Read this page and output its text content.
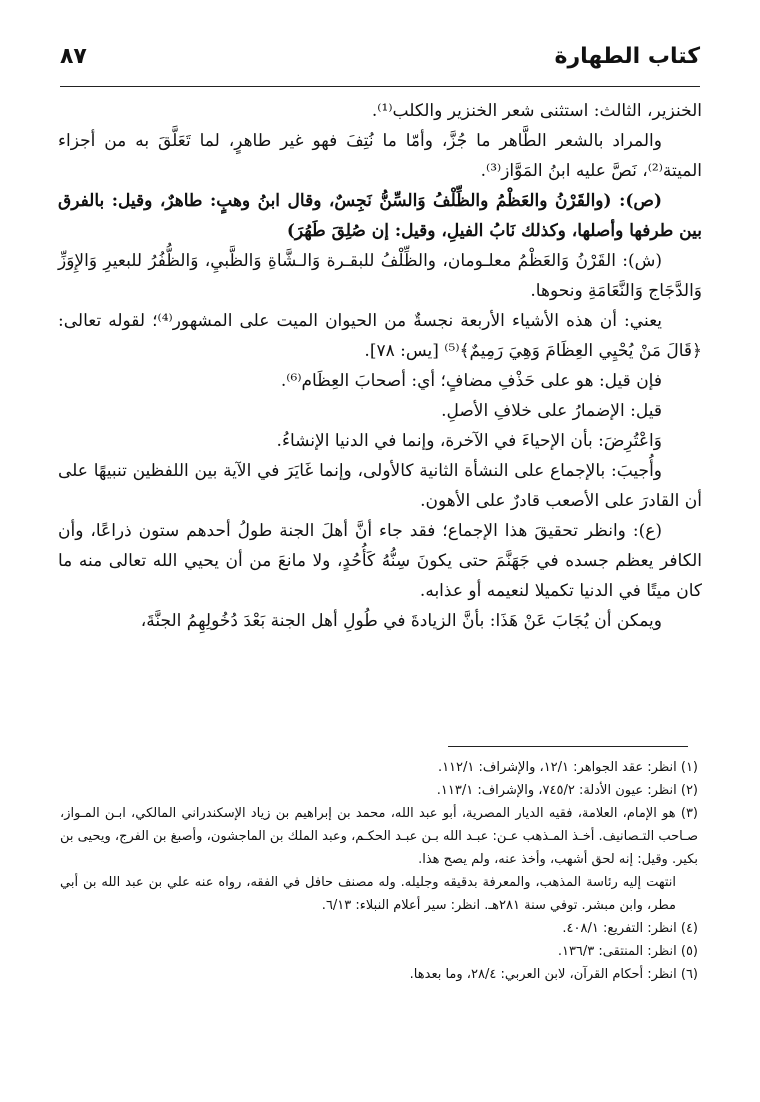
كتاب الطهارة
٨٧

الخنزير، الثالث: استثنى شعر الخنزير والكلب⁽¹⁾.

والمراد بالشعر الطَّاهر ما جُزَّ، وأمّا ما نُتِفَ فهو غير طاهرٍ، لما تَعَلَّقَ به من أجزاء الميتة⁽²⁾، نَصَّ عليه ابنُ المَوَّاز⁽³⁾.

(ص): (والقَرْنُ والعَظْمُ والظِّلْفُ وَالسِّنُّ نَجِسٌ، وقال ابنُ وهبٍ: طاهرٌ، وقيل: بالفرق بين طرفها وأصلها، وكذلك نَابُ الفيلِ، وقيل: إن صُلِقَ طَهُرَ)

(ش): القَرْنُ وَالعَظْمُ معلـومان، والظِّلْفُ للبقـرة وَالـشَّاةِ وَالظَّبيِ، وَالظُّفُرُ للبعيرِ وَالإِوَزِّ وَالدَّجَاج وَالنَّعَامَةِ ونحوها.

يعني: أن هذه الأشياء الأربعة نجسةٌ من الحيوان الميت على المشهور⁽⁴⁾؛ لقوله تعالى: ﴿قَالَ مَنْ يُحْيِي العِظَامَ وَهِيَ رَمِيمٌ﴾⁽⁵⁾ [يس: ٧٨].

فإن قيل: هو على حَذْفِ مضافٍ؛ أي: أصحابَ العِظَام⁽⁶⁾.

قيل: الإضمارُ على خلافِ الأصلِ.

وَاعْتُرِضَ: بأن الإحياءَ في الآخرة، وإنما في الدنيا الإنشاءُ.

وأُجيبَ: بالإجماع على النشأة الثانية كالأولى، وإنما غَايَرَ في الآية بين اللفظين تنبيهًا على أن القادرَ على الأصعب قادرٌ على الأهون.

(ع): وانظر تحقيقَ هذا الإجماع؛ فقد جاء أنَّ أهلَ الجنة طولُ أحدهم ستون ذراعًا، وأن الكافر يعظم جسده في جَهَنَّمَ حتى يكونَ سِنُّهُ كَأُحُدٍ، ولا مانعَ من أن يحيي الله تعالى منه ما كان ميتًا في الدنيا تكميلا لنعيمه أو عذابه.

ويمكن أن يُجَابَ عَنْ هَذَا: بأنَّ الزيادةَ في طُولِ أهل الجنة بَعْدَ دُخُولِهِمُ الجنَّةَ،

(١) انظر: عقد الجواهر: ١٢/١، والإشراف: ١١٢/١.

(٢) انظر: عيون الأدلة: ٧٤٥/٢، والإشراف: ١١٣/١.

(٣) هو الإمام، العلامة، فقيه الديار المصرية، أبو عبد الله، محمد بن إبراهيم بن زياد الإسكندراني المالكي، ابـن المـواز، صـاحب التـصانيف. أخـذ المـذهب عـن: عبـد الله بـن عبـد الحكـم، وعبد الملك بن الماجشون، وأصبغ بن الفرج، ويحيى بن بكير. وقيل: إنه لحق أشهب، وأخذ عنه، ولم يصح هذا.

انتهت إليه رئاسة المذهب، والمعرفة بدقيقه وجليله. وله مصنف حافل في الفقه، رواه عنه علي بن عبد الله بن أبي مطر، وابن مبشر. توفي سنة ٢٨١هـ. انظر: سير أعلام النبلاء: ٦/١٣.

(٤) انظر: التفريع: ٤٠٨/١.

(٥) انظر: المنتقى: ١٣٦/٣.

(٦) انظر: أحكام القرآن، لابن العربي: ٢٨/٤، وما بعدها.
